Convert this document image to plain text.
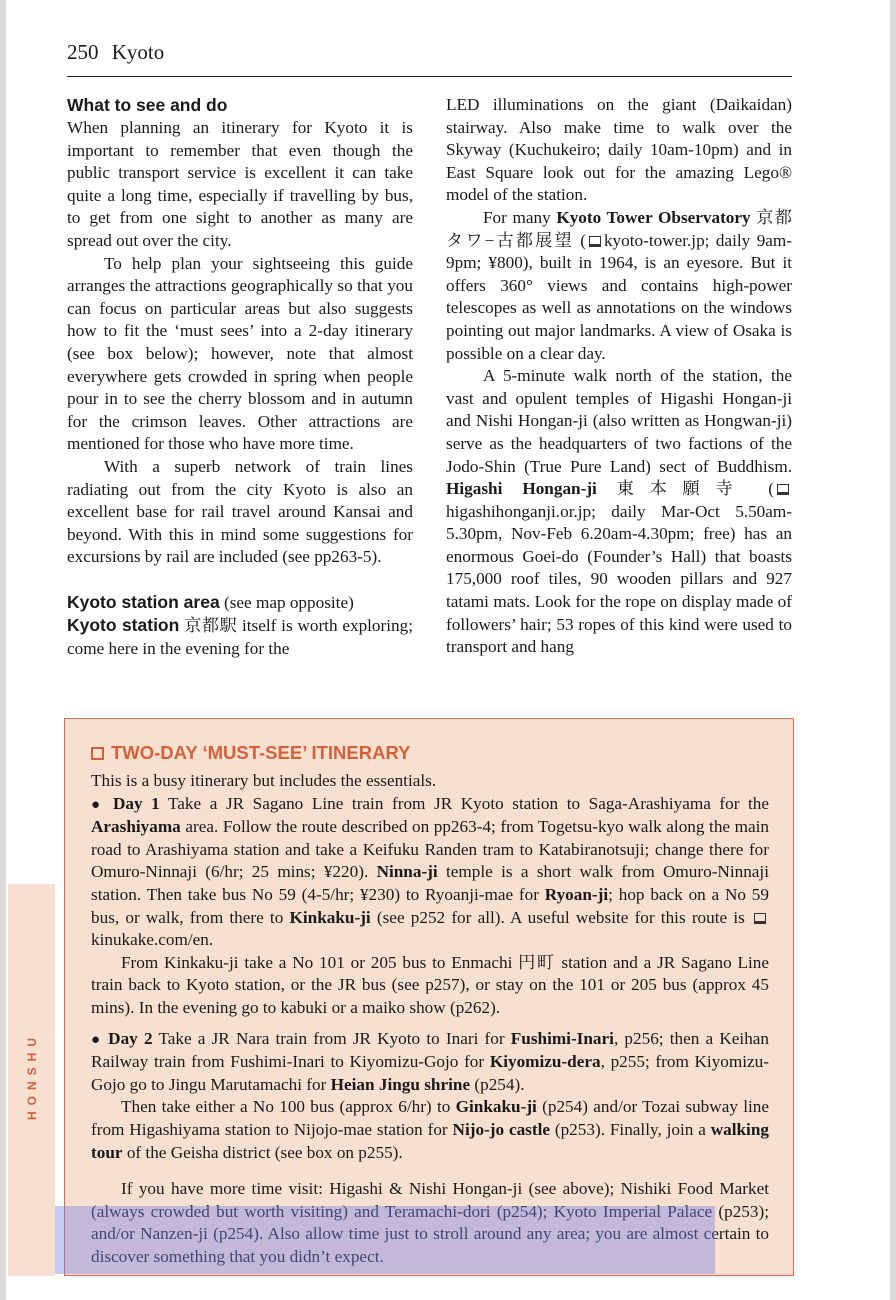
250 Kyoto
What to see and do

When planning an itinerary for Kyoto it is important to remember that even though the public transport service is excellent it can take quite a long time, especially if travelling by bus, to get from one sight to another as many are spread out over the city.

To help plan your sightseeing this guide arranges the attractions geographically so that you can focus on particular areas but also suggests how to fit the ‘must sees’ into a 2-day itinerary (see box below); however, note that almost everywhere gets crowded in spring when people pour in to see the cherry blossom and in autumn for the crimson leaves. Other attractions are mentioned for those who have more time.

With a superb network of train lines radiating out from the city Kyoto is also an excellent base for rail travel around Kansai and beyond. With this in mind some suggestions for excursions by rail are included (see pp263-5).

Kyoto station area (see map opposite)
Kyoto station 京都駅 itself is worth exploring; come here in the evening for the

LED illuminations on the giant (Daikaidan) stairway. Also make time to walk over the Skyway (Kuchukeiro; daily 10am-10pm) and in East Square look out for the amazing Lego® model of the station.

For many Kyoto Tower Observatory 京都タワ−古都展望 ( kyoto-tower.jp; daily 9am-9pm; ¥800), built in 1964, is an eyesore. But it offers 360° views and contains high-power telescopes as well as annotations on the windows pointing out major landmarks. A view of Osaka is possible on a clear day.

A 5-minute walk north of the station, the vast and opulent temples of Higashi Hongan-ji and Nishi Hongan-ji (also written as Hongwan-ji) serve as the headquarters of two factions of the Jodo-Shin (True Pure Land) sect of Buddhism. Higashi Hongan-ji 東本願寺 (higashihonganji.or.jp; daily Mar-Oct 5.50am-5.30pm, Nov-Feb 6.20am-4.30pm; free) has an enormous Goei-do (Founder’s Hall) that boasts 175,000 roof tiles, 90 wooden pillars and 927 tatami mats. Look for the rope on display made of followers’ hair; 53 ropes of this kind were used to transport and hang

HONSHU
TWO-DAY ‘MUST-SEE’ ITINERARY

This is a busy itinerary but includes the essentials.

● Day 1 Take a JR Sagano Line train from JR Kyoto station to Saga-Arashiyama for the Arashiyama area. Follow the route described on pp263-4; from Togetsu-kyo walk along the main road to Arashiyama station and take a Keifuku Randen tram to Katabiranotsuji; change there for Omuro-Ninnaji (6/hr; 25 mins; ¥220). Ninna-ji temple is a short walk from Omuro-Ninnaji station. Then take bus No 59 (4-5/hr; ¥230) to Ryoanji-mae for Ryoan-ji; hop back on a No 59 bus, or walk, from there to Kinkaku-ji (see p252 for all). A useful website for this route is kinukake.com/en.

From Kinkaku-ji take a No 101 or 205 bus to Enmachi 円町 station and a JR Sagano Line train back to Kyoto station, or the JR bus (see p257), or stay on the 101 or 205 bus (approx 45 mins). In the evening go to kabuki or a maiko show (p262).

● Day 2 Take a JR Nara train from JR Kyoto to Inari for Fushimi-Inari, p256; then a Keihan Railway train from Fushimi-Inari to Kiyomizu-Gojo for Kiyomizu-dera, p255; from Kiyomizu-Gojo go to Jingu Marutamachi for Heian Jingu shrine (p254).

Then take either a No 100 bus (approx 6/hr) to Ginkaku-ji (p254) and/or Tozai subway line from Higashiyama station to Nijojo-mae station for Nijo-jo castle (p253). Finally, join a walking tour of the Geisha district (see box on p255).

If you have more time visit: Higashi & Nishi Hongan-ji (see above); Nishiki Food Market (always crowded but worth visiting) and Teramachi-dori (p254); Kyoto Imperial Palace (p253); and/or Nanzen-ji (p254). Also allow time just to stroll around any area; you are almost certain to discover something that you didn’t expect.
